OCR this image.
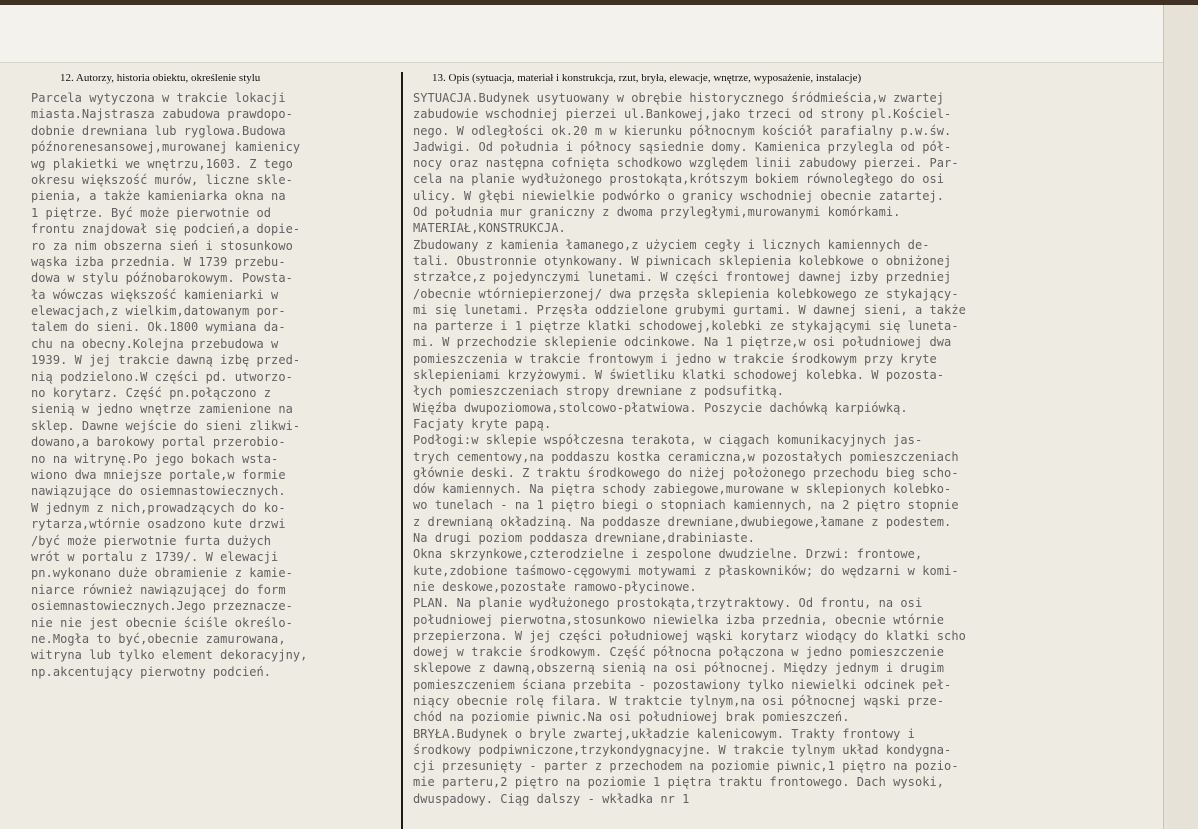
12. Autorzy, historia obiektu, określenie stylu	13. Opis (sytuacja, materiał i konstrukcja, rzut, bryła, elewacje, wnętrze, wyposażenie, instalacje)
Parcela wytyczona w trakcie lokacji
miasta.Najstrasza zabudowa prawdopo-
dobnie drewniana lub ryglowa.Budowa
późnorenesansowej,murowanej kamienicy
wg plakietki we wnętrzu,1603. Z tego
okresu większość murów, liczne skle-
pienia, a także kamieniarka okna na
1 piętrze. Być może pierwotnie od
frontu znajdował się podcień,a dopie-
ro za nim obszerna sień i stosunkowo
wąska izba przednia. W 1739 przebu-
dowa w stylu późnobarokowym. Powsta-
ła wówczas większość kamieniarki w
elewacjach,z wielkim,datowanym por-
talem do sieni. Ok.1800 wymiana da-
chu na obecny.Kolejna przebudowa w
1939. W jej trakcie dawną izbę przed-
nią podzielono.W części pd. utworzo-
no korytarz. Część pn.połączono z
sienią w jedno wnętrze zamienione na
sklep. Dawne wejście do sieni zlikwi-
dowano,a barokowy portal przerobio-
no na witrynę.Po jego bokach wsta-
wiono dwa mniejsze portale,w formie
nawiązujące do osiemnastowiecznych.
W jednym z nich,prowadzących do ko-
rytarza,wtórnie osadzono kute drzwi
/być może pierwotnie furta dużych
wrót w portalu z 1739/. W elewacji
pn.wykonano duże obramienie z kamie-
niarce również nawiązującej do form
osiemnastowiecznych.Jego przeznacze-
nie nie jest obecnie ściśle określo-
ne.Mogła to być,obecnie zamurowana,
witryna lub tylko element dekoracyjny,
np.akcentujący pierwotny podcień.
SYTUACJA.Budynek usytuowany w obrębie historycznego śródmieścia,w zwartej
zabudowie wschodniej pierzei ul.Bankowej,jako trzeci od strony pl.Kościel-
nego. W odległości ok.20 m w kierunku północnym kościół parafialny p.w.św.
Jadwigi. Od południa i północy sąsiednie domy. Kamienica przylegla od pół-
nocy oraz następna cofnięta schodkowo względem linii zabudowy pierzei. Par-
cela na planie wydłużonego prostokąta,krótszym bokiem równoległego do osi
ulicy. W głębi niewielkie podwórko o granicy wschodniej obecnie zatartej.
Od południa mur graniczny z dwoma przyległymi,murowanymi komórkami.
MATERIAŁ,KONSTRUKCJA.
Zbudowany z kamienia łamanego,z użyciem cegły i licznych kamiennych de-
tali. Obustronnie otynkowany. W piwnicach sklepienia kolebkowe o obniżonej
strzałce,z pojedynczymi lunetami. W części frontowej dawnej izby przedniej
/obecnie wtórniepierzonej/ dwa przęsła sklepienia kolebkowego ze stykający-
mi się lunetami. Przęsła oddzielone grubymi gurtami. W dawnej sieni, a także
na parterze i 1 piętrze klatki schodowej,kolebki ze stykającymi się luneta-
mi. W przechodzie sklepienie odcinkowe. Na 1 piętrze,w osi południowej dwa
pomieszczenia w trakcie frontowym i jedno w trakcie środkowym przy kryte
sklepieniami krzyżowymi. W świetliku klatki schodowej kolebka. W pozosta-
łych pomieszczeniach stropy drewniane z podsufitką.
Więźba dwupoziomowa,stolcowo-płatwiowa. Poszycie dachówką karpiówką.
Facjaty kryte papą.
Podłogi:w sklepie współczesna terakota, w ciągach komunikacyjnych jas-
trych cementowy,na poddaszu kostka ceramiczna,w pozostałych pomieszczeniach
głównie deski. Z traktu środkowego do niżej położonego przechodu bieg scho-
dów kamiennych. Na piętra schody zabiegowe,murowane w sklepionych kolebko-
wo tunelach - na 1 piętro biegi o stopniach kamiennych, na 2 piętro stopnie
z drewnianą okładziną. Na poddasze drewniane,dwubiegowe,łamane z podestem.
Na drugi poziom poddasza drewniane,drabiniaste.
Okna skrzynkowe,czterodzielne i zespolone dwudzielne. Drzwi: frontowe,
kute,zdobione taśmowo-cęgowymi motywami z płaskowników; do wędzarni w komi-
nie deskowe,pozostałe ramowo-płycinowe.
PLAN. Na planie wydłużonego prostokąta,trzytraktowy. Od frontu, na osi
południowej pierwotna,stosunkowo niewielka izba przednia, obecnie wtórnie
przepierzona. W jej części południowej wąski korytarz wiodący do klatki scho
dowej w trakcie środkowym. Część północna połączona w jedno pomieszczenie
sklepowe z dawną,obszerną sienią na osi północnej. Między jednym i drugim
pomieszczeniem ściana przebita - pozostawiony tylko niewielki odcinek peł-
niący obecnie rolę filara. W traktcie tylnym,na osi północnej wąski prze-
chód na poziomie piwnic.Na osi południowej brak pomieszczeń.
BRYŁA.Budynek o bryle zwartej,układzie kalenicowym. Trakty frontowy i
środkowy podpiwniczone,trzykondygnacyjne. W trakcie tylnym układ kondygna-
cji przesunięty - parter z przechodem na poziomie piwnic,1 piętro na pozio-
mie parteru,2 piętro na poziomie 1 piętra traktu frontowego. Dach wysoki,
dwuspadowy. Ciąg dalszy - wkładka nr 1
